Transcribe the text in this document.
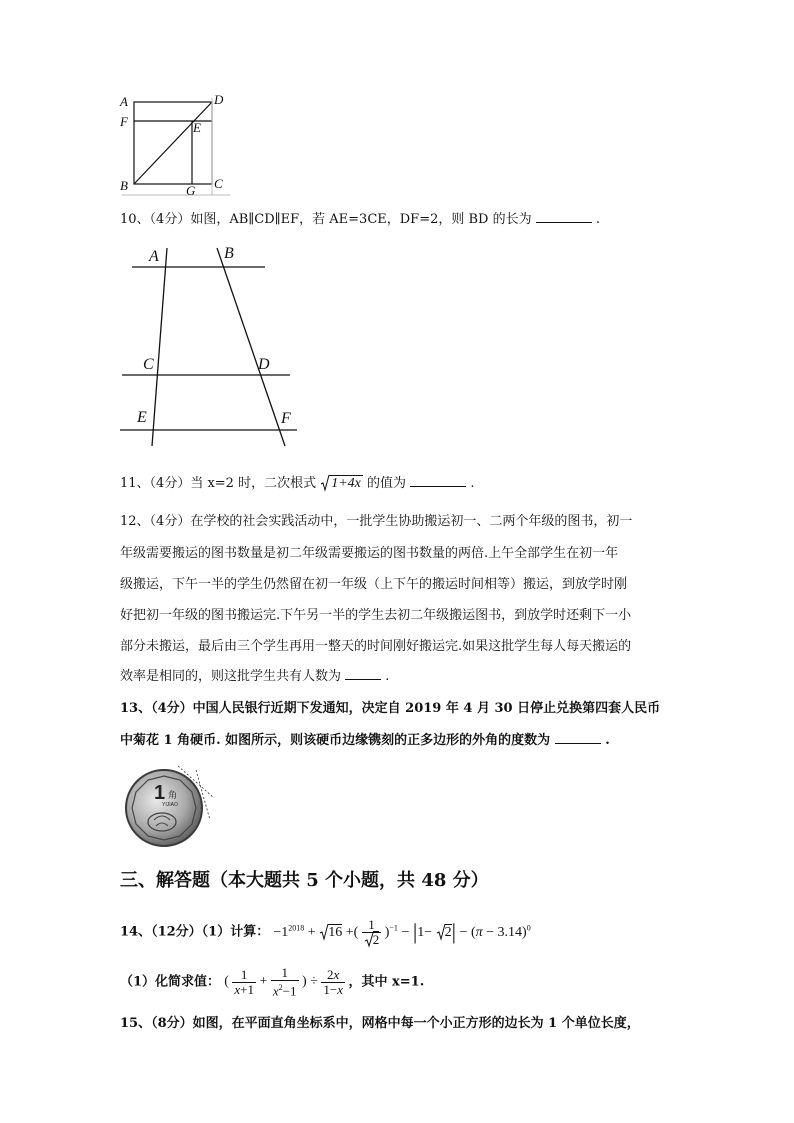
A	D
F	E
B	G C
10、（4分）如图，AB∥CD∥EF，若 AE=3CE，DF=2，则 BD 的长为	.
A	B
C	D
E	F
11、（4分）当 x=2 时，二次根式 1+4x 的值为	.
12、（4分）在学校的社会实践活动中，一批学生协助搬运初一、二两个年级的图书，初一
年级需要搬运的图书数量是初二年级需要搬运的图书数量的两倍.上午全部学生在初一年
级搬运，下午一半的学生仍然留在初一年级（上下午的搬运时间相等）搬运，到放学时刚
好把初一年级的图书搬运完.下午另一半的学生去初二年级搬运图书，到放学时还剩下一小
部分未搬运，最后由三个学生再用一整天的时间刚好搬运完.如果这批学生每人每天搬运的
效率是相同的，则这批学生共有人数为	.
13、（4分）中国人民银行近期下发通知，决定自 2019 年 4 月 30 日停止兑换第四套人民币
中菊花 1 角硬币. 如图所示，则该硬币边缘镌刻的正多边形的外角的度数为	.
1 角
YIJIAO
三、解答题（本大题共 5 个小题，共 48 分）
14、（12分）（1）计算： $-1^{2018}$ +
16 +( $\frac{1}{2} )^{-1} - |1-$
$2| - (\pi - 3.14)^0$
（1）化简求值： ( $\frac{1}{x+1} + \frac{1}{x^2-1}$ ) ÷ $\frac{2x}{1-x}$ ，其中 x=1.
15、（8分）如图，在平面直角坐标系中，网格中每一个小正方形的边长为 1 个单位长度，
